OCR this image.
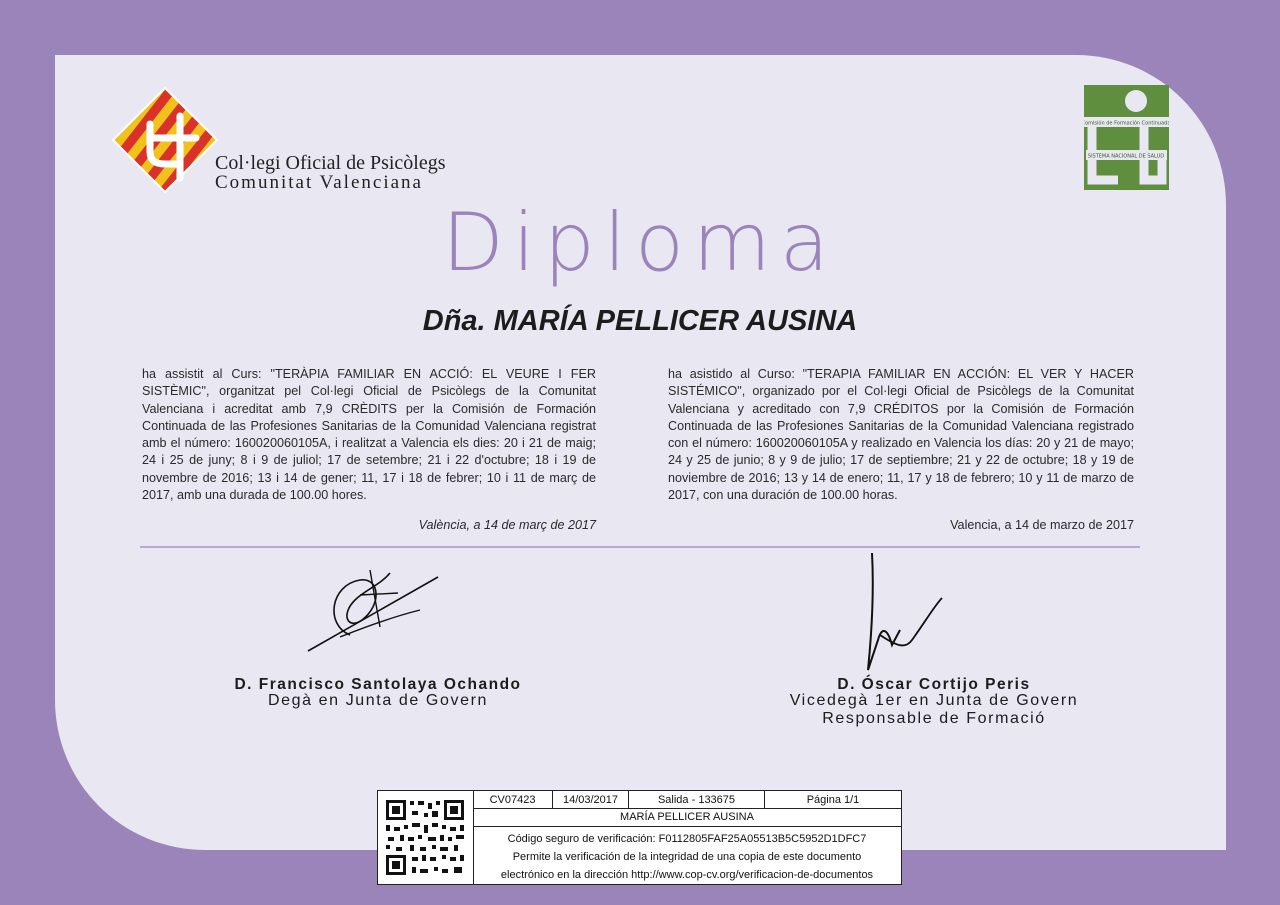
Col·legi Oficial de Psicòlegs
Comunitat Valenciana
Comisión de Formación Continuada
SISTEMA NACIONAL DE SALUD
Diploma
Dña. MARÍA PELLICER AUSINA
ha assistit al Curs: "TERÀPIA FAMILIAR EN ACCIÓ: EL VEURE I FER SISTÈMIC", organitzat pel Col·legi Oficial de Psicòlegs de la Comunitat Valenciana i acreditat amb 7,9 CRÈDITS per la Comisión de Formación Continuada de las Profesiones Sanitarias de la Comunidad Valenciana registrat amb el número: 160020060105A, i realitzat a Valencia els dies: 20 i 21 de maig; 24 i 25 de juny; 8 i 9 de juliol; 17 de setembre; 21 i 22 d'octubre; 18 i 19 de novembre de 2016; 13 i 14 de gener; 11, 17 i 18 de febrer; 10 i 11 de març de 2017, amb una durada de 100.00 hores.
ha asistido al Curso: "TERAPIA FAMILIAR EN ACCIÓN: EL VER Y HACER SISTÉMICO", organizado por el Col·legi Oficial de Psicòlegs de la Comunitat Valenciana y acreditado con 7,9 CRÉDITOS por la Comisión de Formación Continuada de las Profesiones Sanitarias de la Comunidad Valenciana registrado con el número: 160020060105A y realizado en Valencia los días: 20 y 21 de mayo; 24 y 25 de junio; 8 y 9 de julio; 17 de septiembre; 21 y 22 de octubre; 18 y 19 de noviembre de 2016; 13 y 14 de enero; 11, 17 y 18 de febrero; 10 y 11 de marzo de 2017, con una duración de 100.00 horas.
València, a 14 de març de 2017	Valencia, a 14 de marzo de 2017
D. Francisco Santolaya Ochando
Degà en Junta de Govern
D. Óscar Cortijo Peris
Vicedegà 1er en Junta de Govern
Responsable de Formació
CV07423	14/03/2017	Salida - 133675	Página 1/1
MARÍA PELLICER AUSINA
Código seguro de verificación: F0112805FAF25A05513B5C5952D1DFC7
Permite la verificación de la integridad de una copia de este documento
electrónico en la dirección http://www.cop-cv.org/verificacion-de-documentos
